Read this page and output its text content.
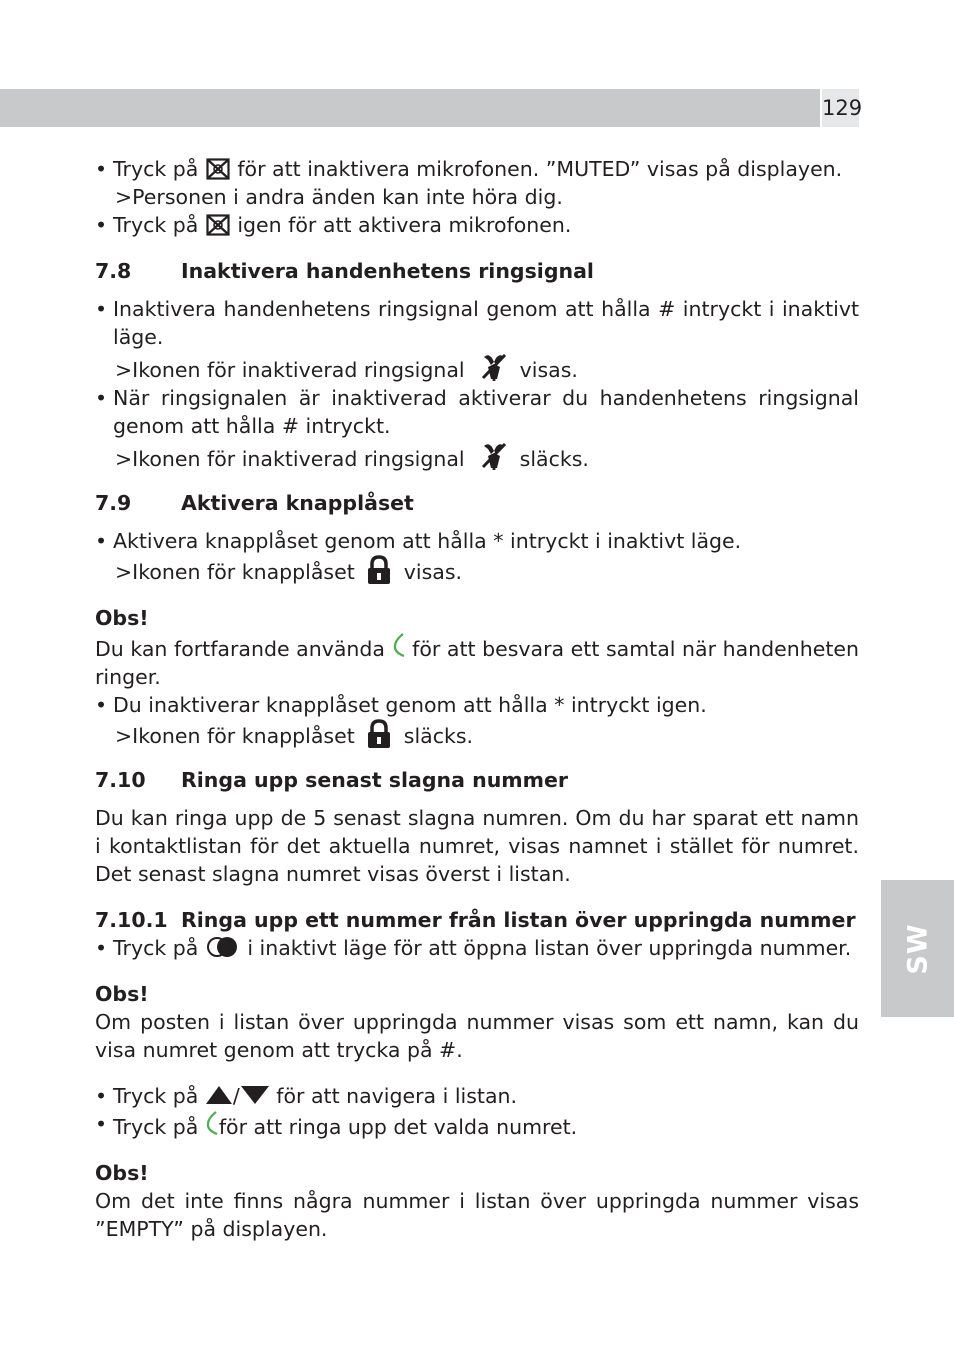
129
SW

• Tryck på
för att inaktivera mikrofonen. ”MUTED” visas på displayen.

>Personen i andra änden kan inte höra dig.

• Tryck på
igen för att aktivera mikrofonen.

7.8 Inaktivera handenhetens ringsignal

• Inaktivera handenhetens ringsignal genom att hålla # intryckt i inaktivt läge.

>Ikonen för inaktiverad ringsignal
visas.

• När ringsignalen är inaktiverad aktiverar du handenhetens ringsignal genom att hålla # intryckt.

>Ikonen för inaktiverad ringsignal
släcks.

7.9 Aktivera knapplåset

• Aktivera knapplåset genom att hålla * intryckt i inaktivt läge.

>Ikonen för knapplåset
visas.

Obs!

Du kan fortfarande använda
för att besvara ett samtal när handenheten ringer.

• Du inaktiverar knapplåset genom att hålla * intryckt igen.

>Ikonen för knapplåset
släcks.

7.10 Ringa upp senast slagna nummer

Du kan ringa upp de 5 senast slagna numren. Om du har sparat ett namn i kontaktlistan för det aktuella numret, visas namnet i stället för numret. Det senast slagna numret visas överst i listan.

7.10.1 Ringa upp ett nummer från listan över uppringda nummer

• Tryck på
i inaktivt läge för att öppna listan över uppringda nummer.

Obs!

Om posten i listan över uppringda nummer visas som ett namn, kan du visa numret genom att trycka på #.

• Tryck på
/
för att navigera i listan.

• Tryck på
för att ringa upp det valda numret.

Obs!

Om det inte finns några nummer i listan över uppringda nummer visas ”EMPTY” på displayen.
